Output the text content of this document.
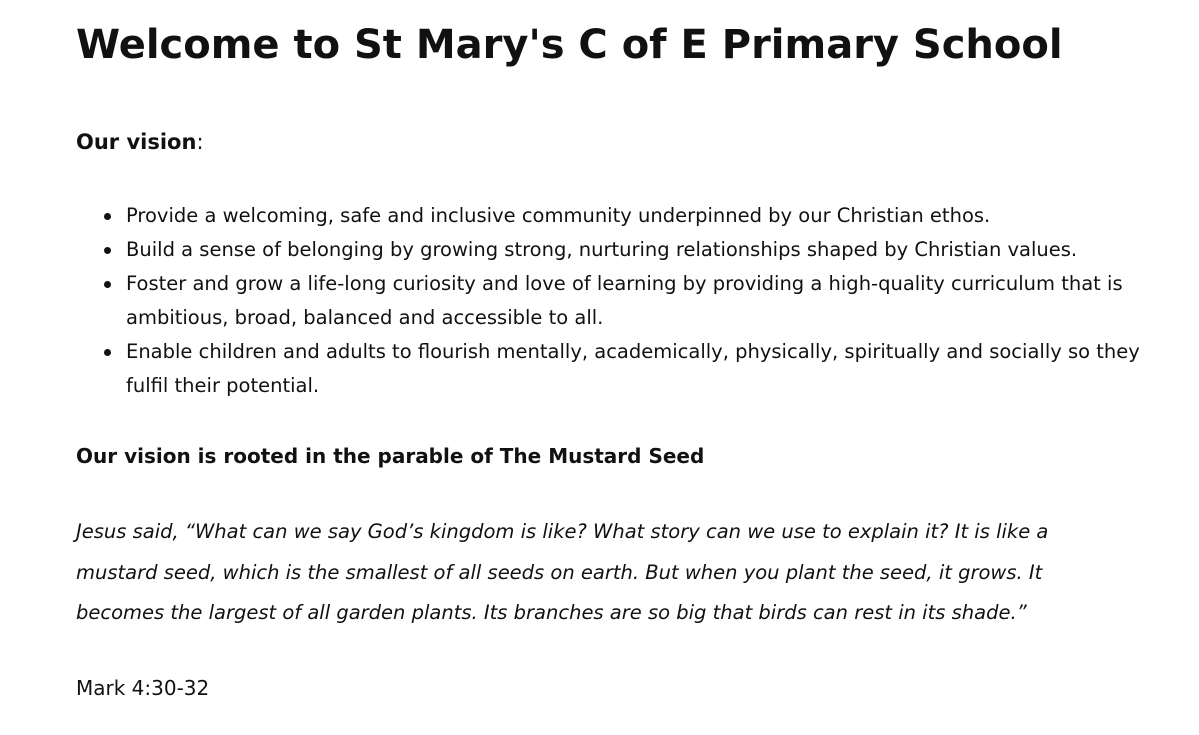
Welcome to St Mary's C of E Primary School

Our vision:

Provide a welcoming, safe and inclusive community underpinned by our Christian ethos.
Build a sense of belonging by growing strong, nurturing relationships shaped by Christian values.
Foster and grow a life-long curiosity and love of learning by providing a high-quality curriculum that is ambitious, broad, balanced and accessible to all.
Enable children and adults to flourish mentally, academically, physically, spiritually and socially so they fulfil their potential.

Our vision is rooted in the parable of The Mustard Seed

Jesus said, “What can we say God’s kingdom is like? What story can we use to explain it? It is like a mustard seed, which is the smallest of all seeds on earth. But when you plant the seed, it grows. It becomes the largest of all garden plants. Its branches are so big that birds can rest in its shade.”

Mark 4:30-32
